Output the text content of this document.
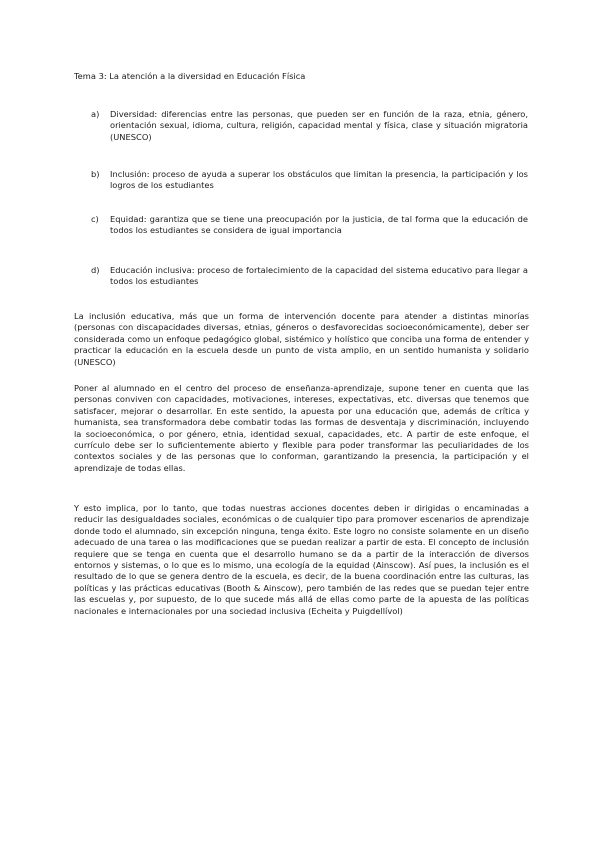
Tema 3: La atención a la diversidad en Educación Física
a)	Diversidad: diferencias entre las personas, que pueden ser en función de la raza, etnia, género, orientación sexual, idioma, cultura, religión, capacidad mental y física, clase y situación migratoria (UNESCO)
b)	Inclusión: proceso de ayuda a superar los obstáculos que limitan la presencia, la participación y los logros de los estudiantes
c)	Equidad: garantiza que se tiene una preocupación por la justicia, de tal forma que la educación de todos los estudiantes se considera de igual importancia
d)	Educación inclusiva: proceso de fortalecimiento de la capacidad del sistema educativo para llegar a todos los estudiantes
La inclusión educativa, más que un forma de intervención docente para atender a distintas minorías (personas con discapacidades diversas, etnias, géneros o desfavorecidas socioeconómicamente), deber ser considerada como un enfoque pedagógico global, sistémico y holístico que conciba una forma de entender y practicar la educación en la escuela desde un punto de vista amplio, en un sentido humanista y solidario (UNESCO)
Poner al alumnado en el centro del proceso de enseñanza-aprendizaje, supone tener en cuenta que las personas conviven con capacidades, motivaciones, intereses, expectativas, etc. diversas que tenemos que satisfacer, mejorar o desarrollar. En este sentido, la apuesta por una educación que, además de crítica y humanista, sea transformadora debe combatir todas las formas de desventaja y discriminación, incluyendo la socioeconómica, o por género, etnia, identidad sexual, capacidades, etc. A partir de este enfoque, el currículo debe ser lo suficientemente abierto y flexible para poder transformar las peculiaridades de los contextos sociales y de las personas que lo conforman, garantizando la presencia, la participación y el aprendizaje de todas ellas.
Y esto implica, por lo tanto, que todas nuestras acciones docentes deben ir dirigidas o encaminadas a reducir las desigualdades sociales, económicas o de cualquier tipo para promover escenarios de aprendizaje donde todo el alumnado, sin excepción ninguna, tenga éxito. Este logro no consiste solamente en un diseño adecuado de una tarea o las modificaciones que se puedan realizar a partir de esta. El concepto de inclusión requiere que se tenga en cuenta que el desarrollo humano se da a partir de la interacción de diversos entornos y sistemas, o lo que es lo mismo, una ecología de la equidad (Ainscow). Así pues, la inclusión es el resultado de lo que se genera dentro de la escuela, es decir, de la buena coordinación entre las culturas, las políticas y las prácticas educativas (Booth & Ainscow), pero también de las redes que se puedan tejer entre las escuelas y, por supuesto, de lo que sucede más allá de ellas como parte de la apuesta de las políticas nacionales e internacionales por una sociedad inclusiva (Echeita y Puigdellívol)
